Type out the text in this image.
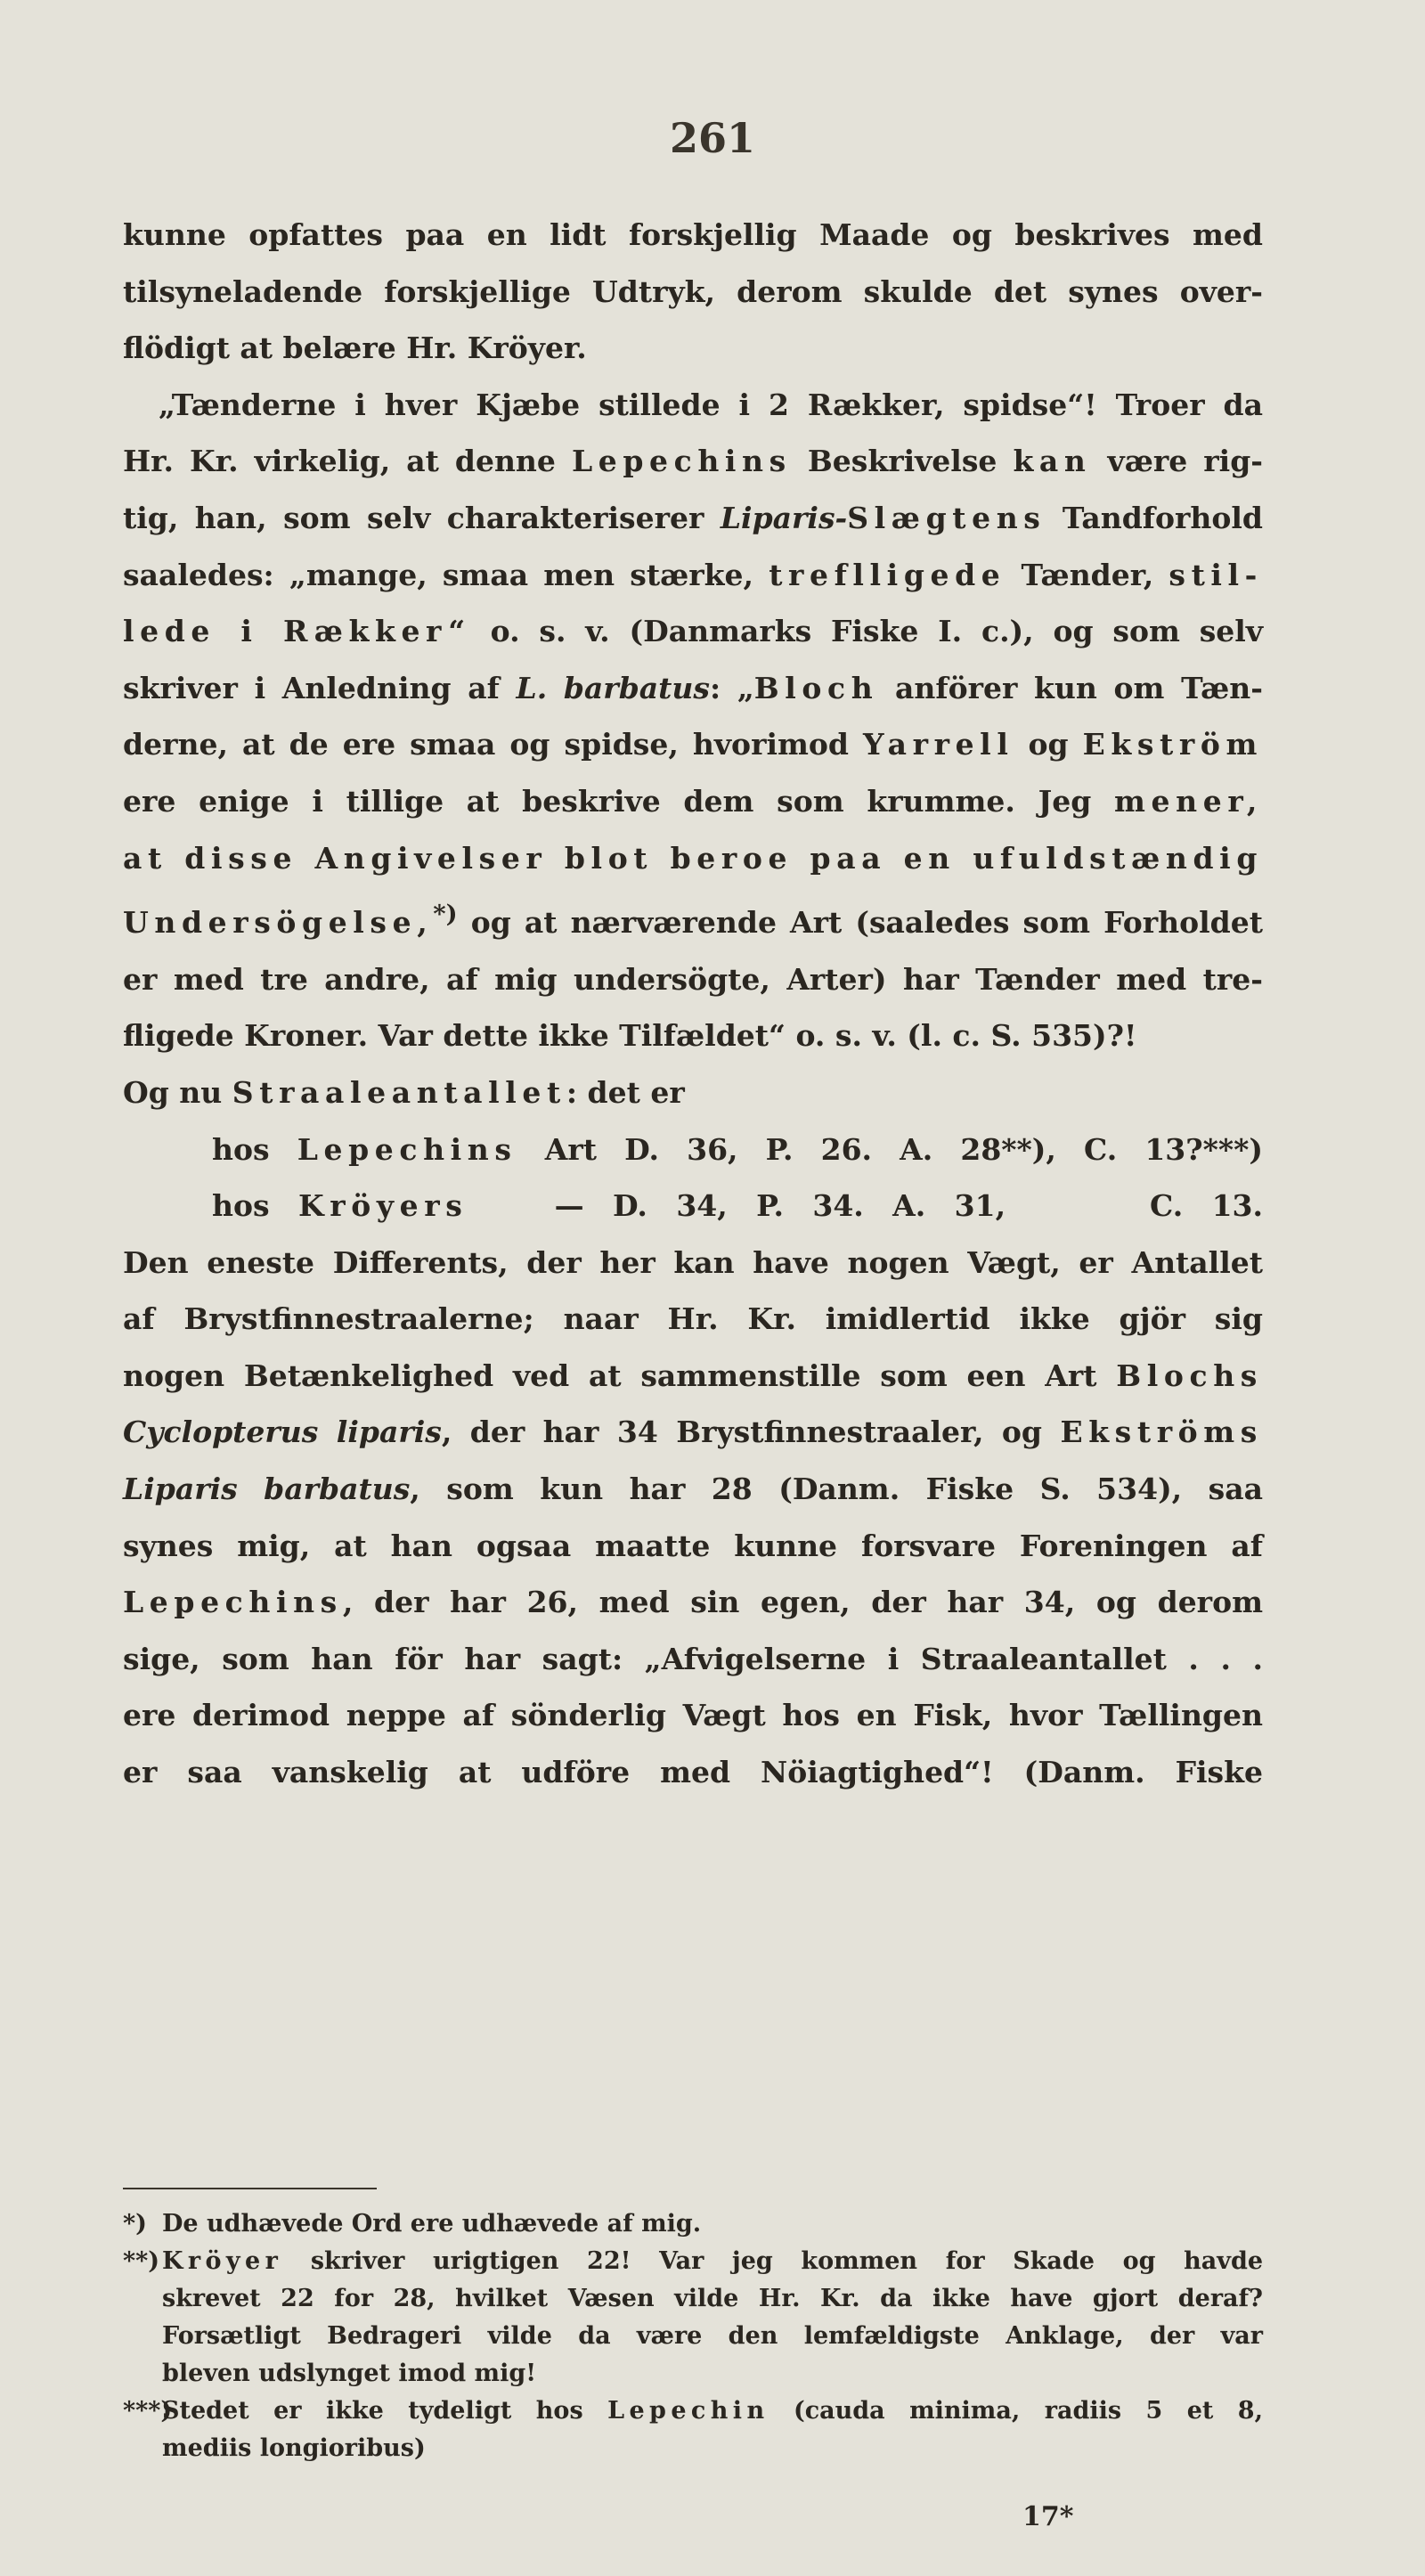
261

kunne opfattes paa en lidt forskjellig Maade og beskrives med

tilsyneladende forskjellige Udtryk, derom skulde det synes over-

flödigt at belære Hr. Kröyer.

„Tænderne i hver Kjæbe stillede i 2 Rækker, spidse“! Troer da

Hr. Kr. virkelig, at denne Lepechins Beskrivelse kan være rig-

tig, han, som selv charakteriserer Liparis-Slægtens Tandforhold

saaledes: „mange, smaa men stærke, treflligede Tænder, stil-

lede i Rækker“ o. s. v. (Danmarks Fiske I. c.), og som selv

skriver i Anledning af L. barbatus: „Bloch anförer kun om Tæn-

derne, at de ere smaa og spidse, hvorimod Yarrell og Ekström

ere enige i tillige at beskrive dem som krumme. Jeg mener,

at disse Angivelser blot beroe paa en ufuldstændig

Undersögelse,*) og at nærværende Art (saaledes som Forholdet

er med tre andre, af mig undersögte, Arter) har Tænder med tre-

fligede Kroner. Var dette ikke Tilfældet“ o. s. v. (l. c. S. 535)?!

Og nu Straaleantallet: det er

hos Lepechins Art D. 36, P. 26. A. 28**), C. 13?***)

hos Kröyers   — D. 34, P. 34. A. 31,     C. 13.

Den eneste Differents, der her kan have nogen Vægt, er Antallet

af Brystfinnestraalerne; naar Hr. Kr. imidlertid ikke gjör sig

nogen Betænkelighed ved at sammenstille som een Art Blochs

Cyclopterus liparis, der har 34 Brystfinnestraaler, og Ekströms

Liparis barbatus, som kun har 28 (Danm. Fiske S. 534), saa

synes mig, at han ogsaa maatte kunne forsvare Foreningen af

Lepechins, der har 26, med sin egen, der har 34, og derom

sige, som han för har sagt: „Afvigelserne i Straaleantallet . . .

ere derimod neppe af sönderlig Vægt hos en Fisk, hvor Tællingen

er saa vanskelig at udföre med Nöiagtighed“! (Danm. Fiske

*) De udhævede Ord ere udhævede af mig.

**) Kröyer skriver urigtigen 22! Var jeg kommen for Skade og havde

skrevet 22 for 28, hvilket Væsen vilde Hr. Kr. da ikke have gjort deraf?

Forsætligt Bedrageri vilde da være den lemfældigste Anklage, der var

bleven udslynget imod mig!

***)Stedet er ikke tydeligt hos Lepechin (cauda minima, radiis 5 et 8,

mediis longioribus)

17*
